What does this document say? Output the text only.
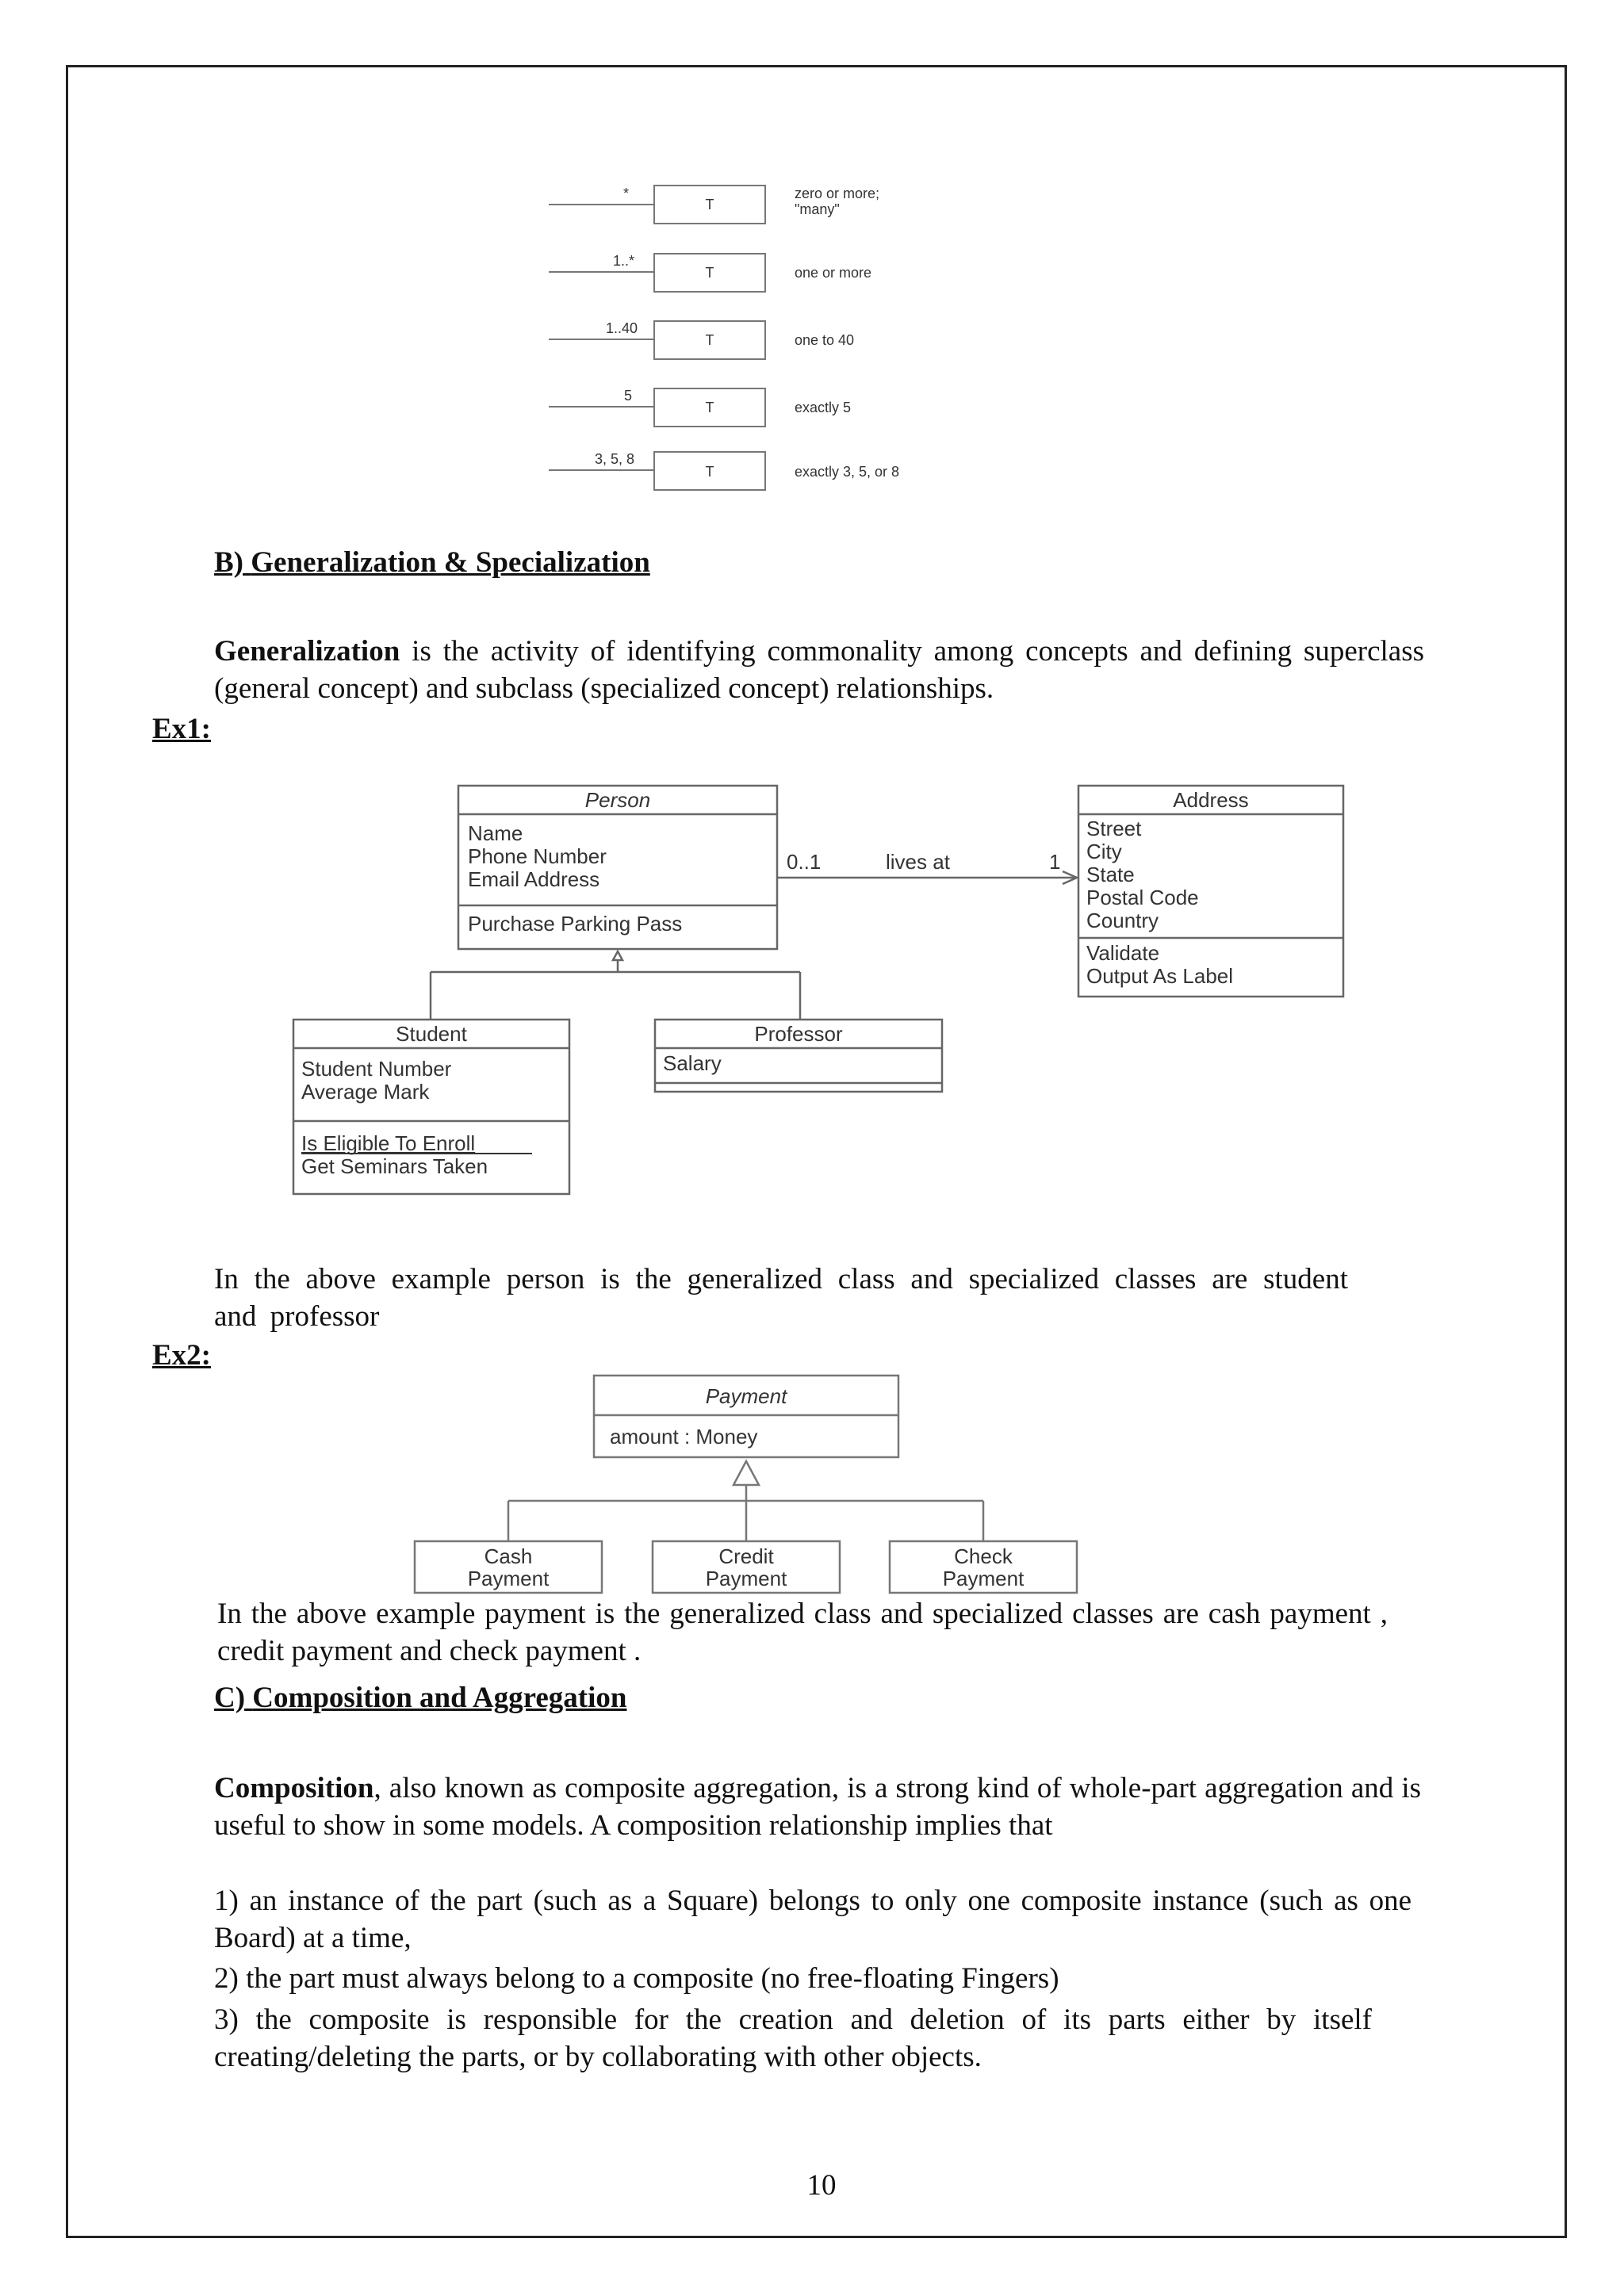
*
T
zero or more;
"many"
1..*
T	one or more
1..40
T	one to 40
5
T	exactly 5
3, 5, 8
T	exactly 3, 5, or 8
B) Generalization & Specialization
Generalization is the activity of identifying commonality among concepts and defining superclass (general concept) and subclass (specialized concept) relationships.
Ex1:
Person
Name
Phone Number
Email Address
Purchase Parking Pass
Address
Street
City
State
Postal Code
Country
Validate
Output As Label
0..1	lives at	1
Student
Student Number
Average Mark
Is Eligible To Enroll
Get Seminars Taken
Professor
Salary
In the above example person is the generalized class and specialized classes are student and professor
Ex2:
Payment
amount : Money
Cash
Payment
Credit
Payment
Check
Payment
In the above example payment is the generalized class and specialized classes are cash payment , credit payment and check payment .
C) Composition and Aggregation
Composition, also known as composite aggregation, is a strong kind of whole-part aggregation and is useful to show in some models. A composition relationship implies that
1) an instance of the part (such as a Square) belongs to only one composite instance (such as one Board) at a time,
2) the part must always belong to a composite (no free-floating Fingers)
3) the composite is responsible for the creation and deletion of its parts either by itself creating/deleting the parts, or by collaborating with other objects.
10
